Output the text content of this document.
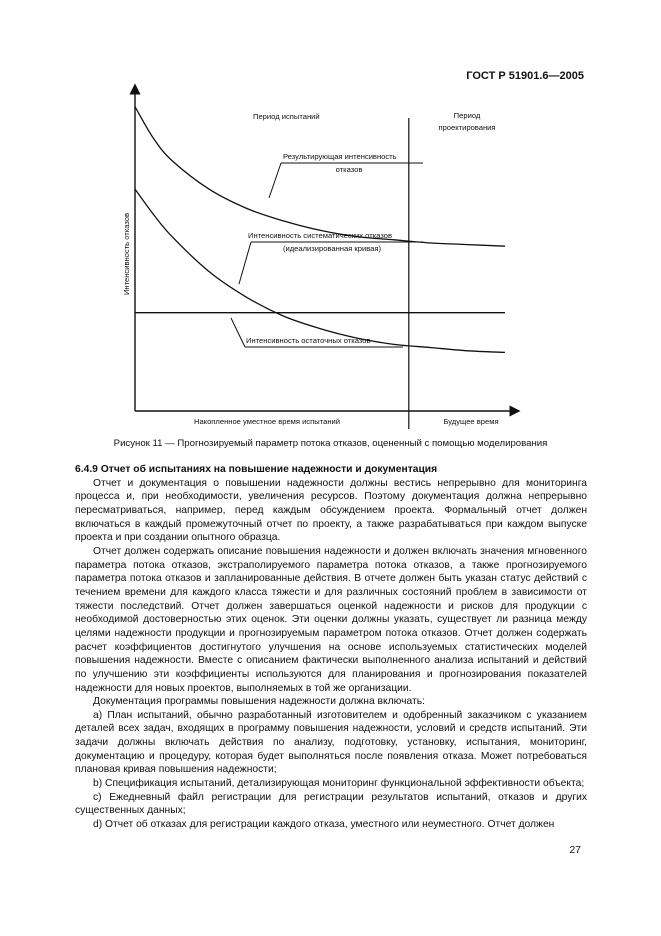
ГОСТ Р 51901.6—2005
Период испытаний	Период
проектирования
Результирующая интенсивность
отказов
Интенсивность систематических отказов
(идеализированная кривая)
Интенсивность остаточных отказов
Интенсивность отказов
Накопленное уместное время испытаний	Будущее время
Рисунок 11 — Прогнозируемый параметр потока отказов, оцененный с помощью моделирования

6.4.9 Отчет об испытаниях на повышение надежности и документация

Отчет и документация о повышении надежности должны вестись непрерывно для мониторинга процесса и, при необходимости, увеличения ресурсов. Поэтому документация должна непрерывно пересматриваться, например, перед каждым обсуждением проекта. Формальный отчет должен включаться в каждый промежуточный отчет по проекту, а также разрабатываться при каждом выпуске проекта и при создании опытного образца.

Отчет должен содержать описание повышения надежности и должен включать значения мгновенного параметра потока отказов, экстраполируемого параметра потока отказов, а также прогнозируемого параметра потока отказов и запланированные действия. В отчете должен быть указан статус действий с течением времени для каждого класса тяжести и для различных состояний проблем в зависимости от тяжести последствий. Отчет должен завершаться оценкой надежности и рисков для продукции с необходимой достоверностью этих оценок. Эти оценки должны указать, существует ли разница между целями надежности продукции и прогнозируемым параметром потока отказов. Отчет должен содержать расчет коэффициентов достигнутого улучшения на основе используемых статистических моделей повышения надежности. Вместе с описанием фактически выполненного анализа испытаний и действий по улучшению эти коэффициенты используются для планирования и прогнозирования показателей надежности для новых проектов, выполняемых в той же организации.

Документация программы повышения надежности должна включать:

а) План испытаний, обычно разработанный изготовителем и одобренный заказчиком с указанием деталей всех задач, входящих в программу повышения надежности, условий и средств испытаний. Эти задачи должны включать действия по анализу, подготовку, установку, испытания, мониторинг, документацию и процедуру, которая будет выполняться после появления отказа. Может потребоваться плановая кривая повышения надежности;

b) Спецификация испытаний, детализирующая мониторинг функциональной эффективности объекта;

с) Ежедневный файл регистрации для регистрации результатов испытаний, отказов и других существенных данных;

d) Отчет об отказах для регистрации каждого отказа, уместного или неуместного. Отчет должен

27
